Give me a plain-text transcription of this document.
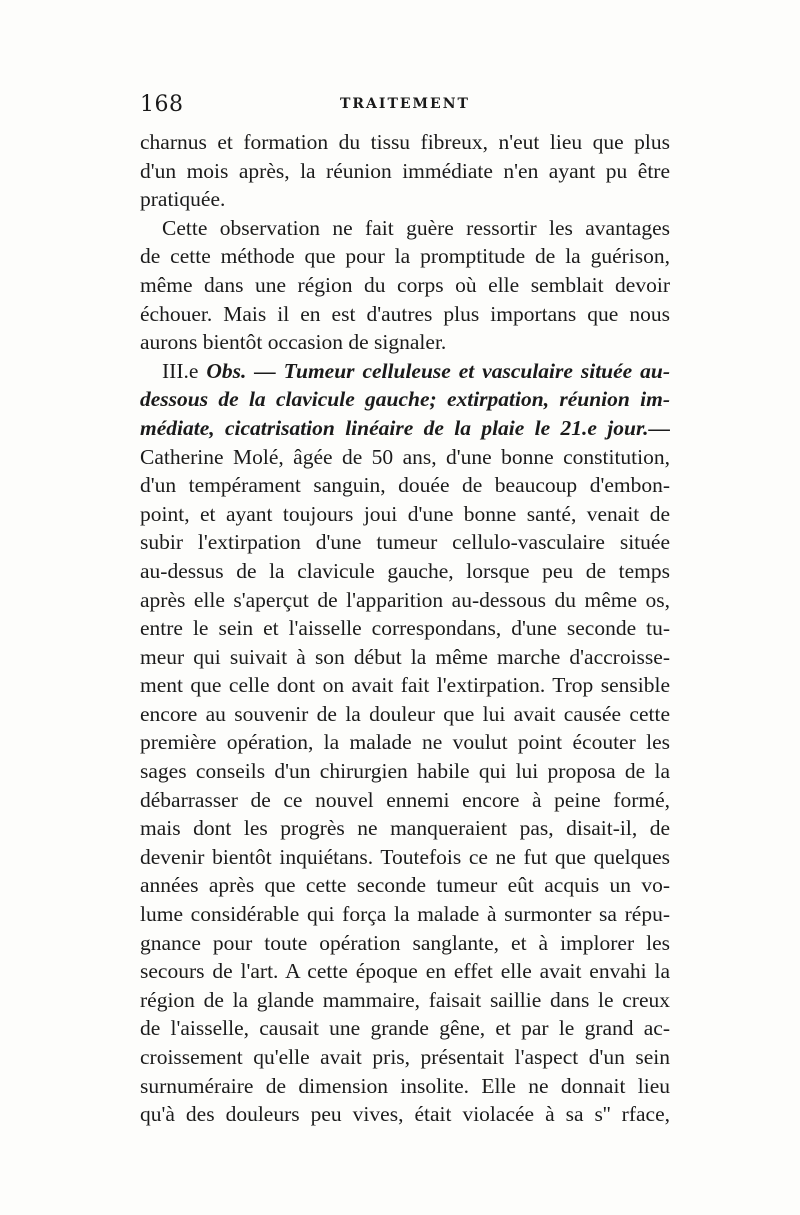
168	TRAITEMENT
charnus et formation du tissu fibreux, n'eut lieu que plus
d'un mois après, la réunion immédiate n'en ayant pu être
pratiquée.
Cette observation ne fait guère ressortir les avantages
de cette méthode que pour la promptitude de la guérison,
même dans une région du corps où elle semblait devoir
échouer. Mais il en est d'autres plus importans que nous
aurons bientôt occasion de signaler.
III.e Obs. — Tumeur celluleuse et vasculaire située au-
dessous de la clavicule gauche; extirpation, réunion im-
médiate, cicatrisation linéaire de la plaie le 21.e jour.—
Catherine Molé, âgée de 50 ans, d'une bonne constitution,
d'un tempérament sanguin, douée de beaucoup d'embon-
point, et ayant toujours joui d'une bonne santé, venait de
subir l'extirpation d'une tumeur cellulo-vasculaire située
au-dessus de la clavicule gauche, lorsque peu de temps
après elle s'aperçut de l'apparition au-dessous du même os,
entre le sein et l'aisselle correspondans, d'une seconde tu-
meur qui suivait à son début la même marche d'accroisse-
ment que celle dont on avait fait l'extirpation. Trop sensible
encore au souvenir de la douleur que lui avait causée cette
première opération, la malade ne voulut point écouter les
sages conseils d'un chirurgien habile qui lui proposa de la
débarrasser de ce nouvel ennemi encore à peine formé,
mais dont les progrès ne manqueraient pas, disait-il, de
devenir bientôt inquiétans. Toutefois ce ne fut que quelques
années après que cette seconde tumeur eût acquis un vo-
lume considérable qui força la malade à surmonter sa répu-
gnance pour toute opération sanglante, et à implorer les
secours de l'art. A cette époque en effet elle avait envahi la
région de la glande mammaire, faisait saillie dans le creux
de l'aisselle, causait une grande gêne, et par le grand ac-
croissement qu'elle avait pris, présentait l'aspect d'un sein
surnuméraire de dimension insolite. Elle ne donnait lieu
qu'à des douleurs peu vives, était violacée à sa s'' rface,
